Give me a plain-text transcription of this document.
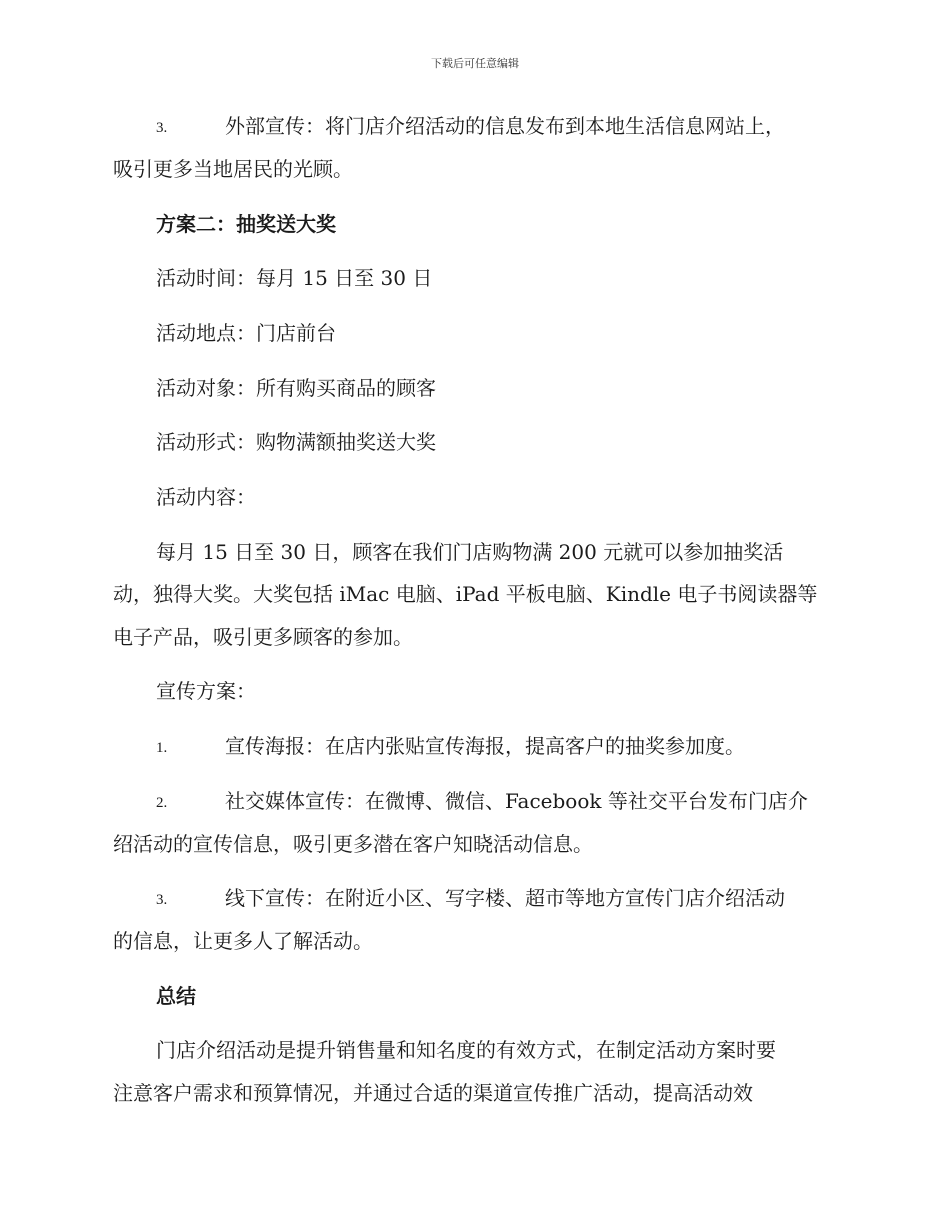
下载后可任意编辑
3.	外部宣传：将门店介绍活动的信息发布到本地生活信息网站上，
吸引更多当地居民的光顾。
方案二：抽奖送大奖
活动时间：每月 15 日至 30 日
活动地点：门店前台
活动对象：所有购买商品的顾客
活动形式：购物满额抽奖送大奖
活动内容：
每月 15 日至 30 日，顾客在我们门店购物满 200 元就可以参加抽奖活
动，独得大奖。大奖包括 iMac 电脑、iPad 平板电脑、Kindle 电子书阅读器等
电子产品，吸引更多顾客的参加。
宣传方案：
1.	宣传海报：在店内张贴宣传海报，提高客户的抽奖参加度。
2.	社交媒体宣传：在微博、微信、Facebook 等社交平台发布门店介
绍活动的宣传信息，吸引更多潜在客户知晓活动信息。
3.	线下宣传：在附近小区、写字楼、超市等地方宣传门店介绍活动
的信息，让更多人了解活动。
总结
门店介绍活动是提升销售量和知名度的有效方式，在制定活动方案时要
注意客户需求和预算情况，并通过合适的渠道宣传推广活动，提高活动效
